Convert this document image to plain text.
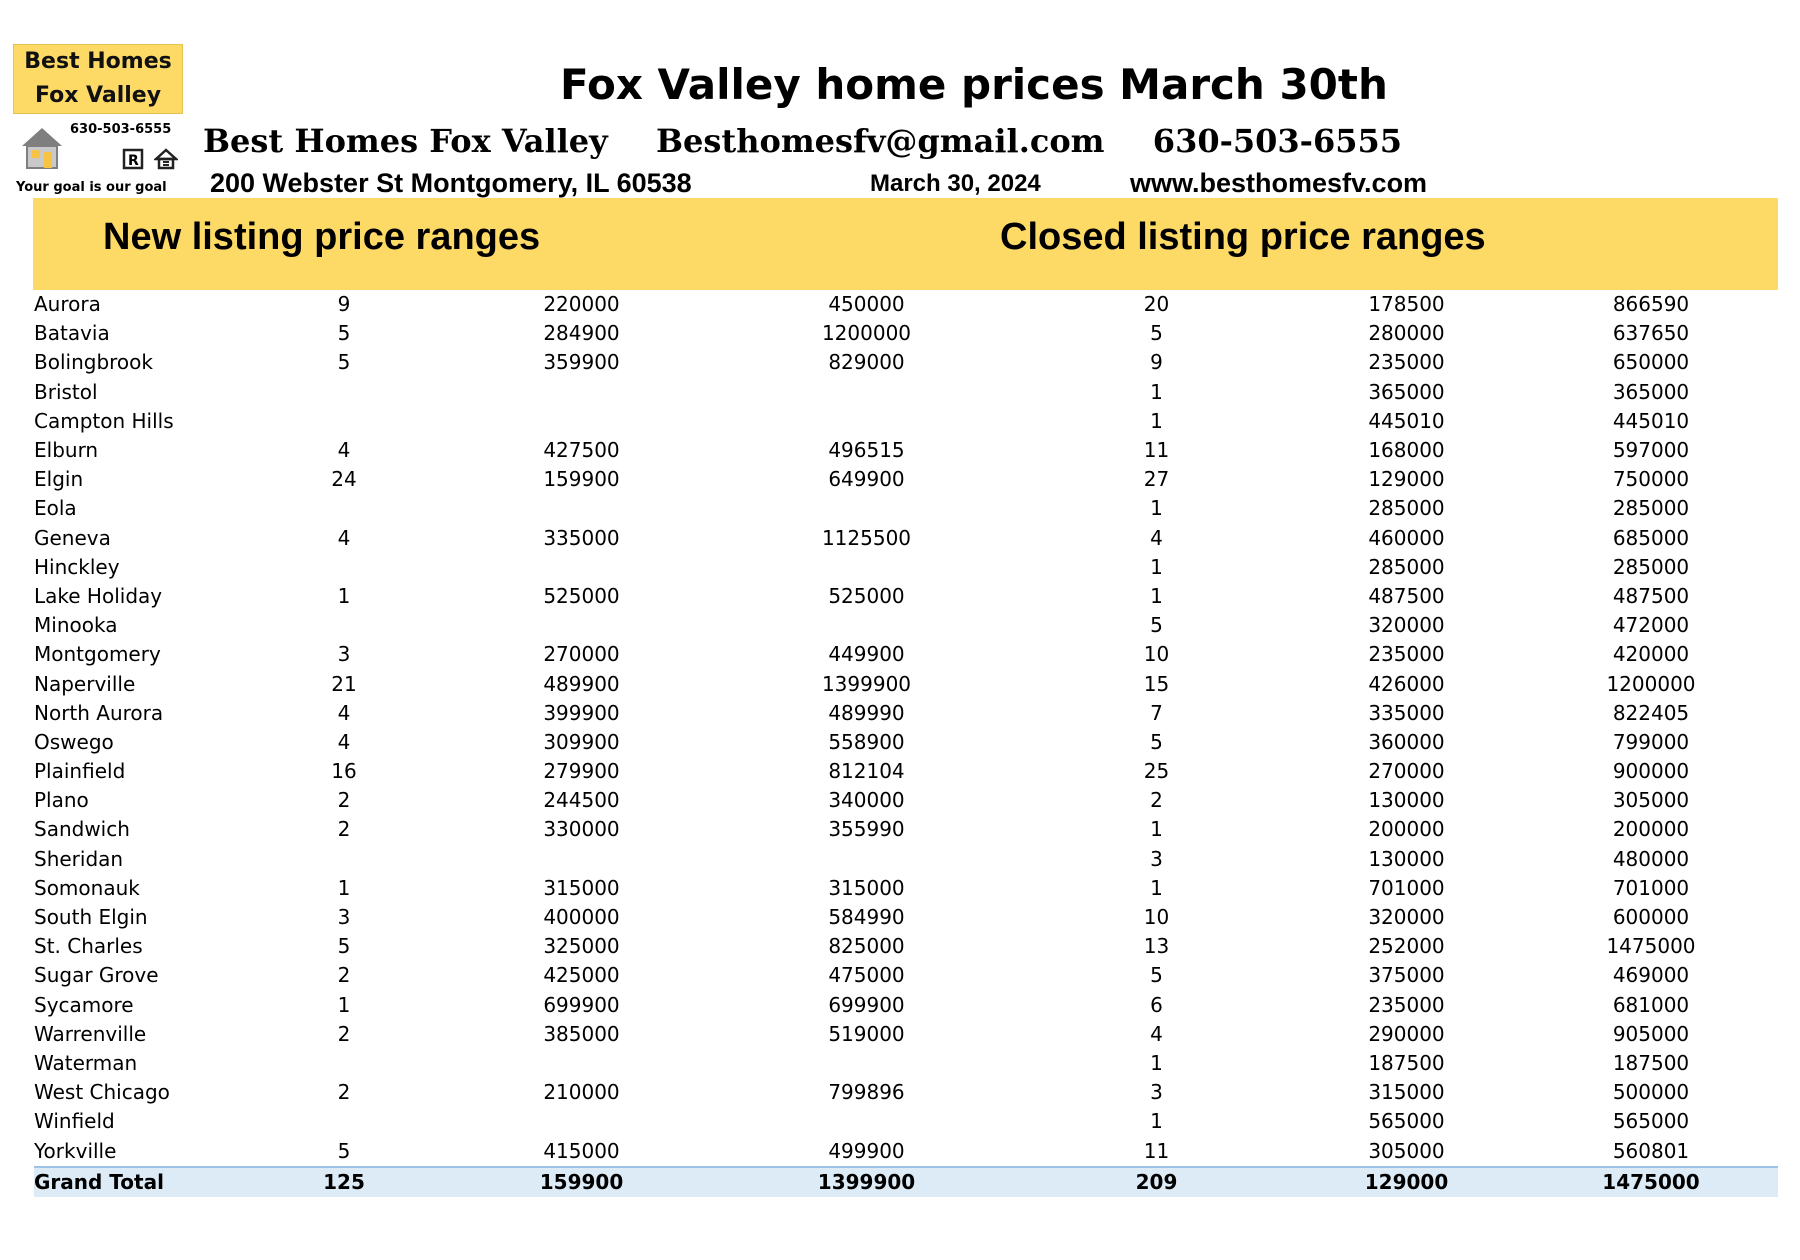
Best Homes
Fox Valley
630-503-6555
R
Your goal is our goal
Fox Valley home prices March 30th
Best Homes Fox Valley Besthomesfv@gmail.com 630-503-6555
200 Webster St Montgomery, IL 60538	March 30, 2024	www.besthomesfv.com
New listing price ranges	Closed listing price ranges
Aurora	9	220000	450000	20	178500	866590
Batavia	5	284900	1200000	5	280000	637650
Bolingbrook	5	359900	829000	9	235000	650000
Bristol				1	365000	365000
Campton Hills				1	445010	445010
Elburn	4	427500	496515	11	168000	597000
Elgin	24	159900	649900	27	129000	750000
Eola				1	285000	285000
Geneva	4	335000	1125500	4	460000	685000
Hinckley				1	285000	285000
Lake Holiday	1	525000	525000	1	487500	487500
Minooka				5	320000	472000
Montgomery	3	270000	449900	10	235000	420000
Naperville	21	489900	1399900	15	426000	1200000
North Aurora	4	399900	489990	7	335000	822405
Oswego	4	309900	558900	5	360000	799000
Plainfield	16	279900	812104	25	270000	900000
Plano	2	244500	340000	2	130000	305000
Sandwich	2	330000	355990	1	200000	200000
Sheridan				3	130000	480000
Somonauk	1	315000	315000	1	701000	701000
South Elgin	3	400000	584990	10	320000	600000
St. Charles	5	325000	825000	13	252000	1475000
Sugar Grove	2	425000	475000	5	375000	469000
Sycamore	1	699900	699900	6	235000	681000
Warrenville	2	385000	519000	4	290000	905000
Waterman				1	187500	187500
West Chicago	2	210000	799896	3	315000	500000
Winfield				1	565000	565000
Yorkville	5	415000	499900	11	305000	560801
Grand Total	125	159900	1399900	209	129000	1475000
